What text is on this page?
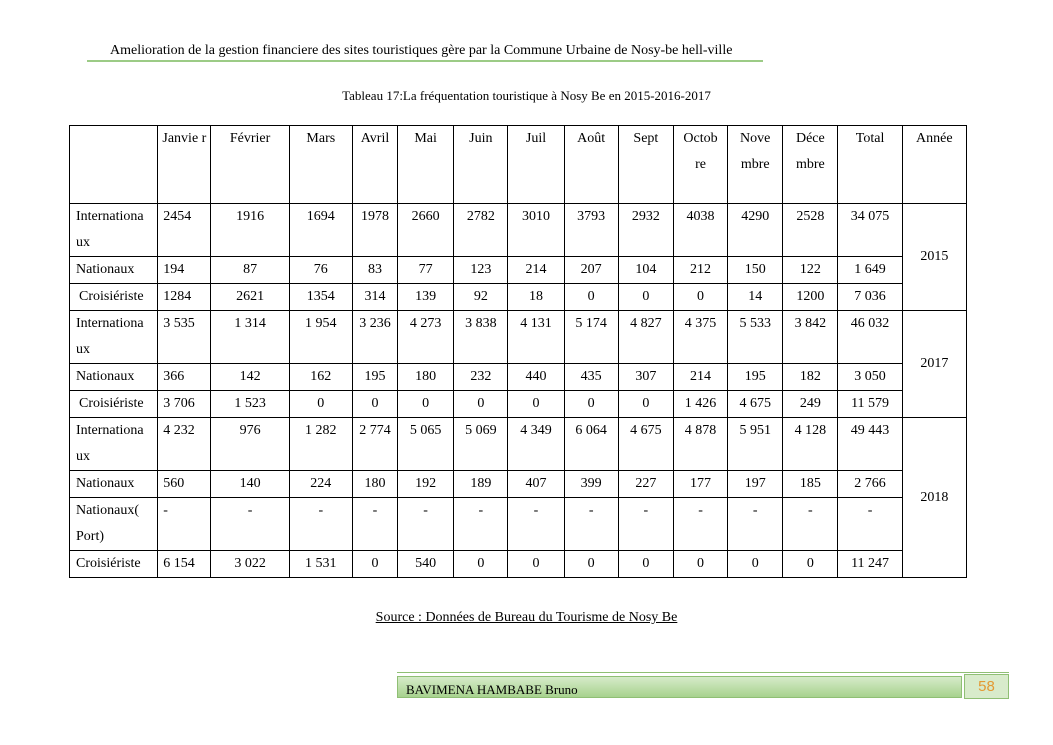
Amelioration de la gestion financiere des sites touristiques gère par la Commune Urbaine de Nosy-be hell-ville
Tableau 17:La fréquentation touristique à Nosy Be en 2015-2016-2017
	Janvie r	Février	Mars	Avril	Mai	Juin	Juil	Août	Sept	Octob re	Nove mbre	Déce mbre	Total	Année
Internationa ux	2454	1916	1694	1978	2660	2782	3010	3793	2932	4038	4290	2528	34 075	2015
Nationaux	194	87	76	83	77	123	214	207	104	212	150	122	1 649	
Croisiériste	1284	2621	1354	314	139	92	18	0	0	0	14	1200	7 036	
Internationa ux	3 535	1 314	1 954	3 236	4 273	3 838	4 131	5 174	4 827	4 375	5 533	3 842	46 032	2017
Nationaux	366	142	162	195	180	232	440	435	307	214	195	182	3 050	
Croisiériste	3 706	1 523	0	0	0	0	0	0	0	1 426	4 675	249	11 579	
Internationa ux	4 232	976	1 282	2 774	5 065	5 069	4 349	6 064	4 675	4 878	5 951	4 128	49 443	2018
Nationaux	560	140	224	180	192	189	407	399	227	177	197	185	2 766	
Nationaux( Port)	-	-	-	-	-	-	-	-	-	-	-	-	-	
Croisiériste	6 154	3 022	1 531	0	540	0	0	0	0	0	0	0	11 247	
Source : Données de Bureau du Tourisme de Nosy Be
BAVIMENA HAMBABE Bruno	58
